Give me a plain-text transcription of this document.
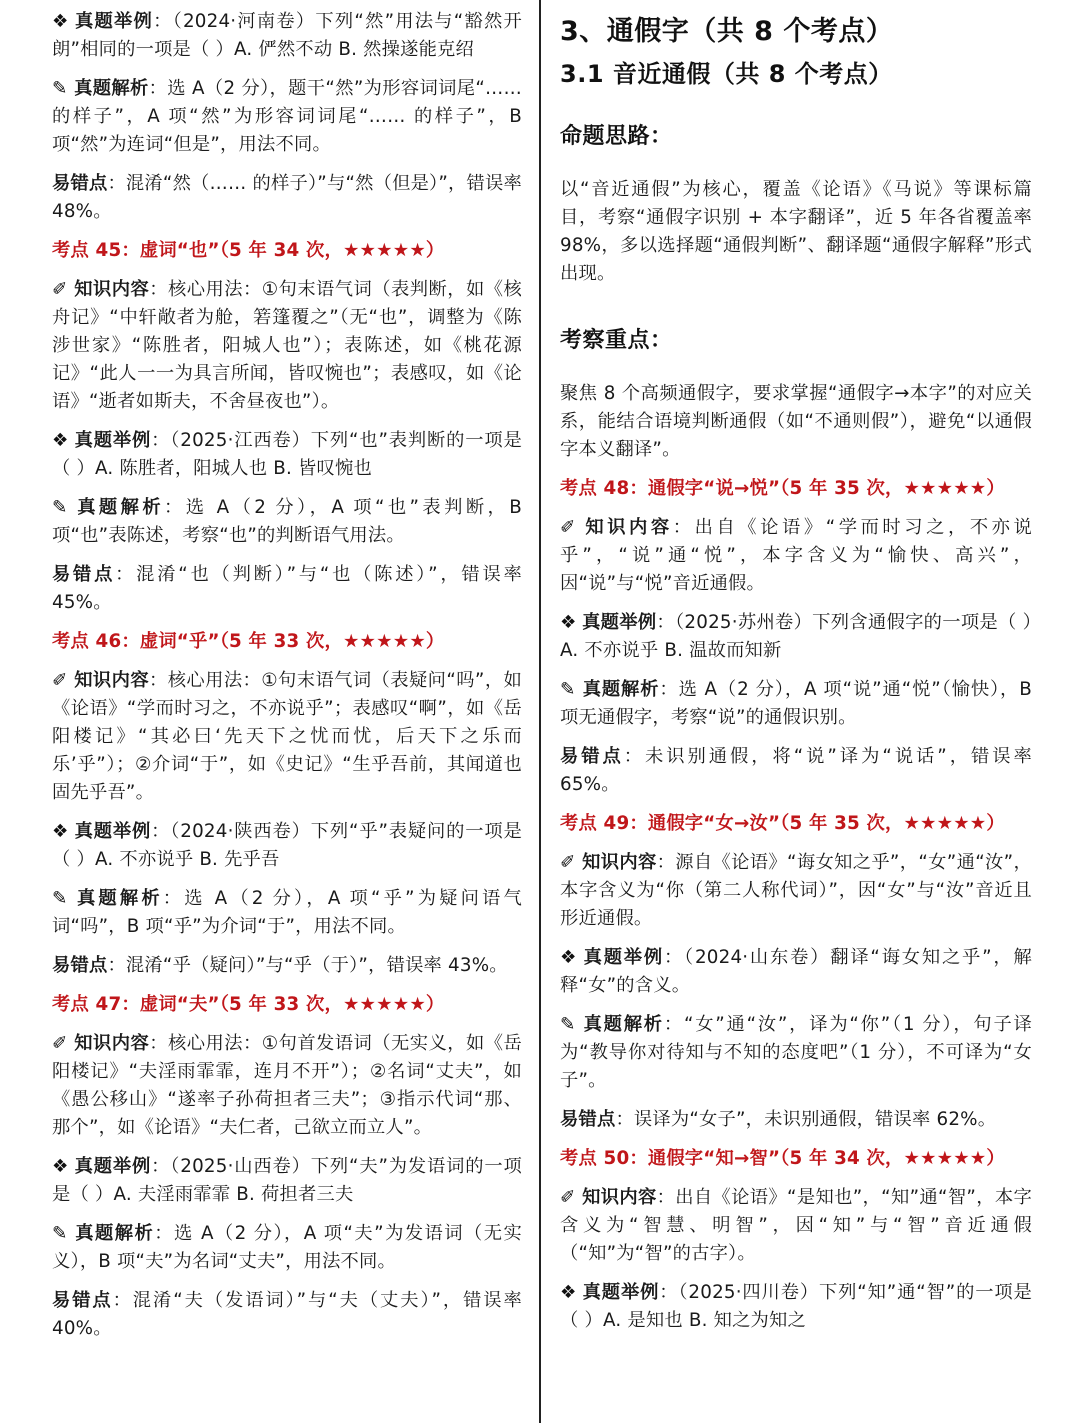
❖ 真题举例：（2024·河南卷）下列“然”用法与“豁然开朗”相同的一项是（ ）A. 俨然不动 B. 然操遂能克绍
✎ 真题解析：选 A（2 分），题干“然”为形容词词尾“…… 的样子”，A 项“然”为形容词词尾“…… 的样子”，B 项“然”为连词“但是”，用法不同。
易错点：混淆“然（…… 的样子）”与“然（但是）”，错误率 48%。
考点 45：虚词“也”（5 年 34 次，★★★★★）
✐ 知识内容：核心用法：①句末语气词（表判断，如《核舟记》“中轩敞者为舱，箬篷覆之”（无“也”，调整为《陈涉世家》“陈胜者，阳城人也”）；表陈述，如《桃花源记》“此人一一为具言所闻，皆叹惋也”；表感叹，如《论语》“逝者如斯夫，不舍昼夜也”）。
❖ 真题举例：（2025·江西卷）下列“也”表判断的一项是（ ）A. 陈胜者，阳城人也 B. 皆叹惋也
✎ 真题解析：选 A（2 分），A 项“也”表判断，B 项“也”表陈述，考察“也”的判断语气用法。
易错点：混淆“也（判断）”与“也（陈述）”，错误率 45%。
考点 46：虚词“乎”（5 年 33 次，★★★★★）
✐ 知识内容：核心用法：①句末语气词（表疑问“吗”，如《论语》“学而时习之，不亦说乎”；表感叹“啊”，如《岳阳楼记》“其必曰‘先天下之忧而忧，后天下之乐而乐’乎”）；②介词“于”，如《史记》“生乎吾前，其闻道也固先乎吾”。
❖ 真题举例：（2024·陕西卷）下列“乎”表疑问的一项是（ ）A. 不亦说乎 B. 先乎吾
✎ 真题解析：选 A（2 分），A 项“乎”为疑问语气词“吗”，B 项“乎”为介词“于”，用法不同。
易错点：混淆“乎（疑问）”与“乎（于）”，错误率 43%。
考点 47：虚词“夫”（5 年 33 次，★★★★★）
✐ 知识内容：核心用法：①句首发语词（无实义，如《岳阳楼记》“夫淫雨霏霏，连月不开”）；②名词“丈夫”，如《愚公移山》“遂率子孙荷担者三夫”；③指示代词“那、那个”，如《论语》“夫仁者，己欲立而立人”。
❖ 真题举例：（2025·山西卷）下列“夫”为发语词的一项是（ ）A. 夫淫雨霏霏 B. 荷担者三夫
✎ 真题解析：选 A（2 分），A 项“夫”为发语词（无实义），B 项“夫”为名词“丈夫”，用法不同。
易错点：混淆“夫（发语词）”与“夫（丈夫）”，错误率 40%。
3、通假字（共 8 个考点）
3.1 音近通假（共 8 个考点）
命题思路：

以“音近通假”为核心，覆盖《论语》《马说》等课标篇目，考察“通假字识别 + 本字翻译”，近 5 年各省覆盖率 98%，多以选择题“通假判断”、翻译题“通假字解释”形式出现。

考察重点：

聚焦 8 个高频通假字，要求掌握“通假字→本字”的对应关系，能结合语境判断通假（如“不通则假”），避免“以通假字本义翻译”。

考点 48：通假字“说→悦”（5 年 35 次，★★★★★）
✐ 知识内容：出自《论语》“学而时习之，不亦说乎”，“说”通“悦”，本字含义为“愉快、高兴”，因“说”与“悦”音近通假。
❖ 真题举例：（2025·苏州卷）下列含通假字的一项是（ ）A. 不亦说乎 B. 温故而知新
✎ 真题解析：选 A（2 分），A 项“说”通“悦”（愉快），B 项无通假字，考察“说”的通假识别。
易错点：未识别通假，将“说”译为“说话”，错误率 65%。
考点 49：通假字“女→汝”（5 年 35 次，★★★★★）
✐ 知识内容：源自《论语》“诲女知之乎”，“女”通“汝”，本字含义为“你（第二人称代词）”，因“女”与“汝”音近且形近通假。
❖ 真题举例：（2024·山东卷）翻译“诲女知之乎”，解释“女”的含义。
✎ 真题解析：“女”通“汝”，译为“你”（1 分），句子译为“教导你对待知与不知的态度吧”（1 分），不可译为“女子”。
易错点：误译为“女子”，未识别通假，错误率 62%。
考点 50：通假字“知→智”（5 年 34 次，★★★★★）
✐ 知识内容：出自《论语》“是知也”，“知”通“智”，本字含义为“智慧、明智”，因“知”与“智”音近通假（“知”为“智”的古字）。
❖ 真题举例：（2025·四川卷）下列“知”通“智”的一项是（ ）A. 是知也 B. 知之为知之
